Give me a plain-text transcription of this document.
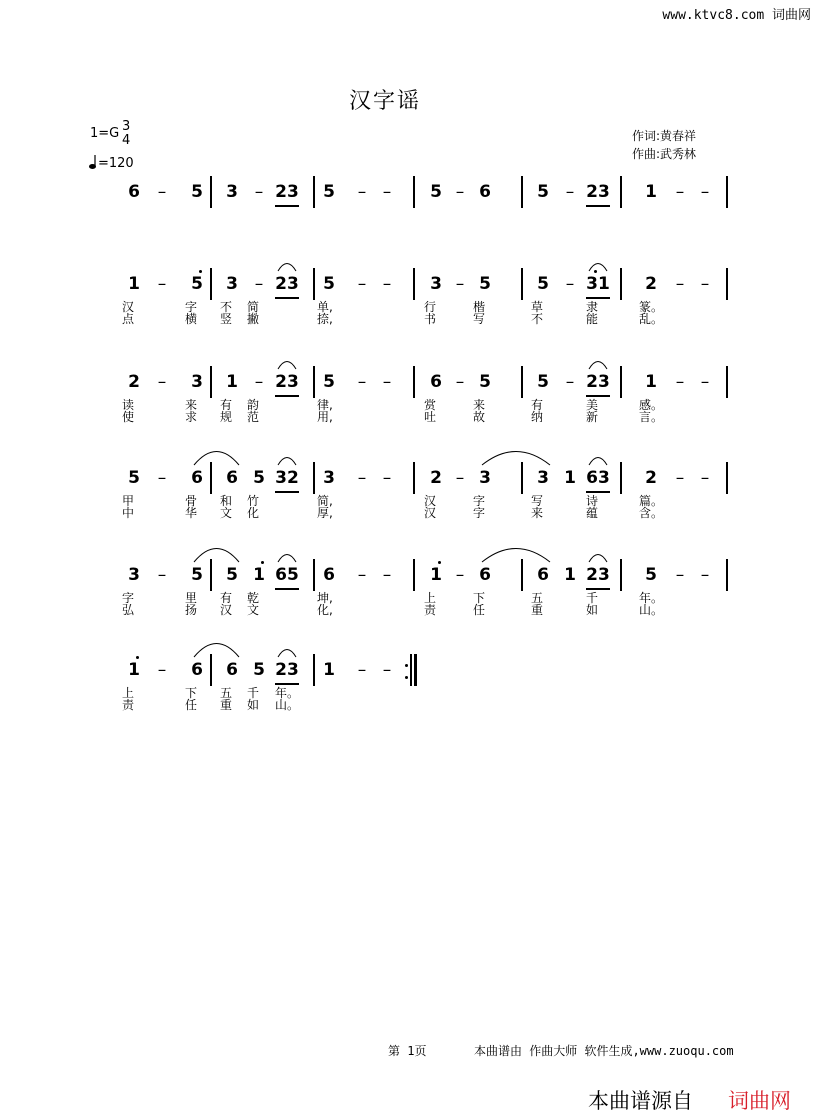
www.ktvc8.com 词曲网
汉字谣
1=G 3
4
=120
作词:黄春祥
作曲:武秀林
6 – 5 3 – 23 5 – – 5 – 6	5 – 23 1 – –
汉	字	不	简	单,	行	楷	草	隶	篆。
点	横	竖	撇	捺,	书	写	不	能	乱。
1 – 5 3 – 23 5 – – 3 – 5	5 – 31 2 – –
读	来	有	韵	律,	赏	来	有	美	感。
使	求	规	范	用,	吐	故	纳	新	言。
2 – 3 1 – 23 5 – – 6 – 5	5 – 23 1 – –
甲	骨	和	竹	简,	汉	字	写	诗	篇。
中	华	文	化	厚,	汉	字	来	蕴	含。
5 – 6 6 5 32 3 – – 2 – 3	3 1 63 2 – –
字	里	有	乾	坤,	上	下	五	千	年。
弘	扬	汉	文	化,	责	任	重	如	山。
3 – 5 5 1 65 6 – – 1 – 6	6 1 23 5 – –
上	下	五	千	年。
责	任	重	如	山。
1 – 6 6 5 23 1 – –
第 1页	本曲谱由 作曲大师 软件生成,www.zuoqu.com
本曲谱源自 词曲网
